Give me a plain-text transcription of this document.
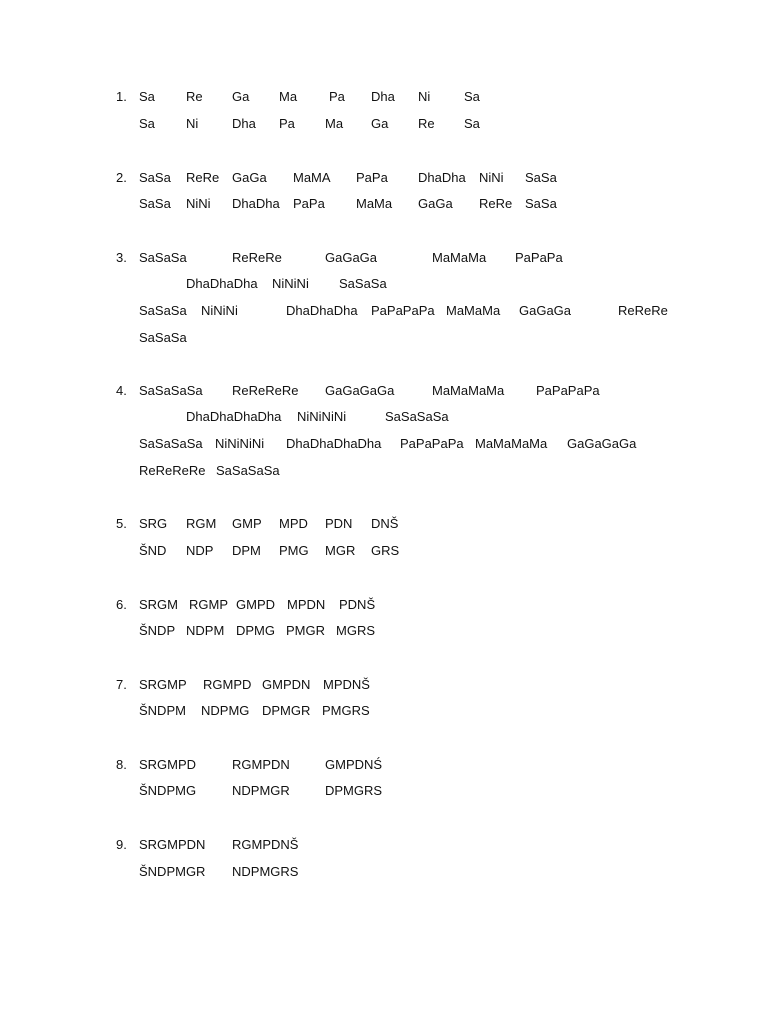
1. Sa Re Ga Ma Pa Dha Ni	Sa
Sa Ni	Dha Pa Ma Ga Re Sa
2. SaSa ReRe GaGa MaMA PaPa DhaDha NiNi SaSa
SaSa NiNi DhaDha PaPa MaMa GaGa ReRe SaSa
3. SaSaSa	ReReRe	GaGaGa	MaMaMa PaPaPa
DhaDhaDha NiNiNi SaSaSa
SaSaSa NiNiNi	DhaDhaDha PaPaPaPa MaMaMa GaGaGa	ReReRe
SaSaSa
4. SaSaSaSa ReReReRe GaGaGaGa	MaMaMaMa PaPaPaPa
DhaDhaDhaDha NiNiNiNi	SaSaSaSa
SaSaSaSa NiNiNiNi DhaDhaDhaDha PaPaPaPa MaMaMaMa GaGaGaGa
ReReReRe SaSaSaSa
5. SRG RGM GMP MPD PDN DNŠ
ŠND NDP DPM PMG MGR GRS
6. SRGM RGMP GMPD MPDN PDNŠ
ŠNDP NDPM DPMG PMGR MGRS
7. SRGMP RGMPD GMPDN MPDNŠ
ŠNDPM NDPMG DPMGR PMGRS
8. SRGMPD	RGMPDN	GMPDNŚ
ŠNDPMG	NDPMGR	DPMGRS
9. SRGMPDN RGMPDNŠ
ŠNDPMGR NDPMGRS
